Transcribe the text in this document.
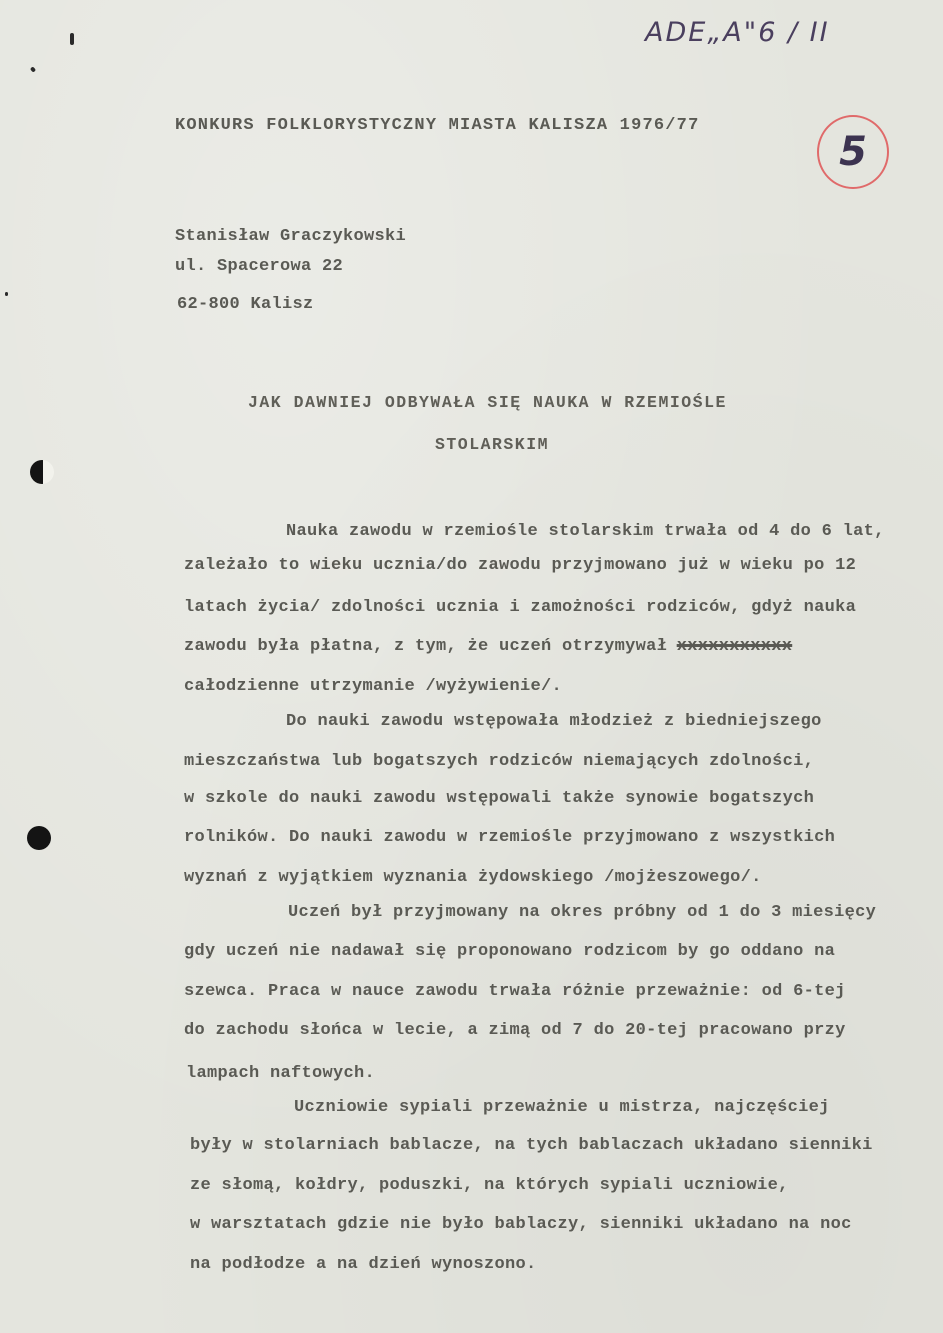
ADE„A"6 / II
5
KONKURS FOLKLORYSTYCZNY MIASTA KALISZA 1976/77
Stanisław Graczykowski
ul. Spacerowa 22
62-800 Kalisz
JAK DAWNIEJ ODBYWAŁA SIĘ NAUKA W RZEMIOŚLE
STOLARSKIM
Nauka zawodu w rzemiośle stolarskim trwała od 4 do 6 lat,
zależało to wieku ucznia/do zawodu przyjmowano już w wieku po 12
latach życia/ zdolności ucznia i zamożności rodziców, gdyż nauka
zawodu była płatna, z tym, że uczeń otrzymywał xxxxxxxxxxx
całodzienne utrzymanie /wyżywienie/.
Do nauki zawodu wstępowała młodzież z biedniejszego
mieszczaństwa lub bogatszych rodziców niemających zdolności,
w szkole do nauki zawodu wstępowali także synowie bogatszych
rolników. Do nauki zawodu w rzemiośle przyjmowano z wszystkich
wyznań z wyjątkiem wyznania żydowskiego /mojżeszowego/.
Uczeń był przyjmowany na okres próbny od 1 do 3 miesięcy
gdy uczeń nie nadawał się proponowano rodzicom by go oddano na
szewca. Praca w nauce zawodu trwała różnie przeważnie: od 6-tej
do zachodu słońca w lecie, a zimą od 7 do 20-tej pracowano przy
lampach naftowych.
Uczniowie sypiali przeważnie u mistrza, najczęściej
były w stolarniach bablacze, na tych bablaczach układano sienniki
ze słomą, kołdry, poduszki, na których sypiali uczniowie,
w warsztatach gdzie nie było bablaczy, sienniki układano na noc
na podłodze a na dzień wynoszono.
